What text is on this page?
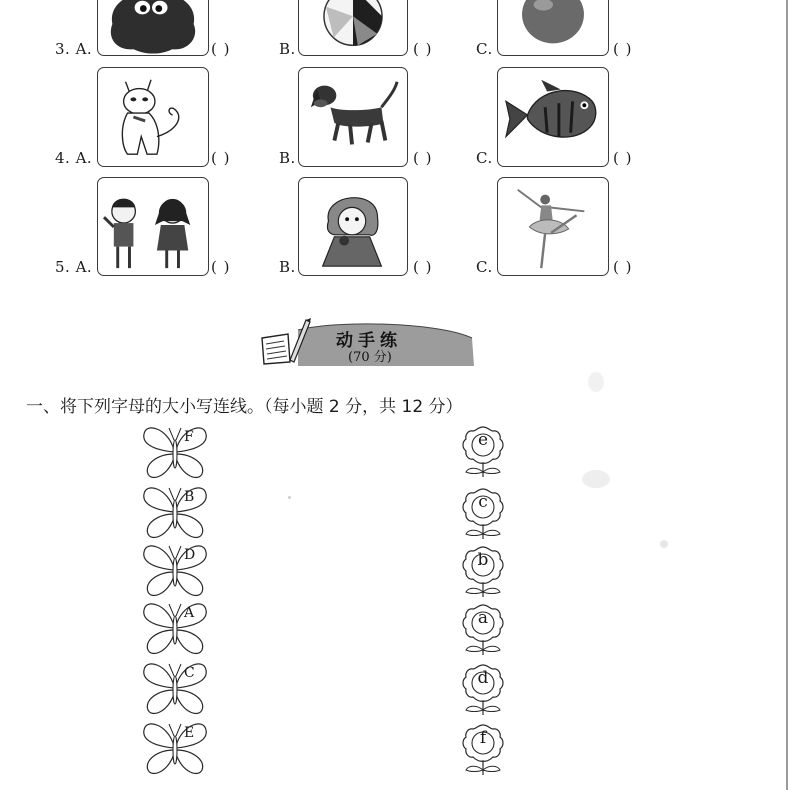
3. A.	( )	B.	( )	C.	( )
4. A.	( )	B.	( )	C.	( )
5. A.	( )	B.	( )	C.	( )
动手练
(70 分)
一、将下列字母的大小写连线。（每小题 2 分，共 12 分）
F
B
D
A
C
E
e
c
b
a
d
f
